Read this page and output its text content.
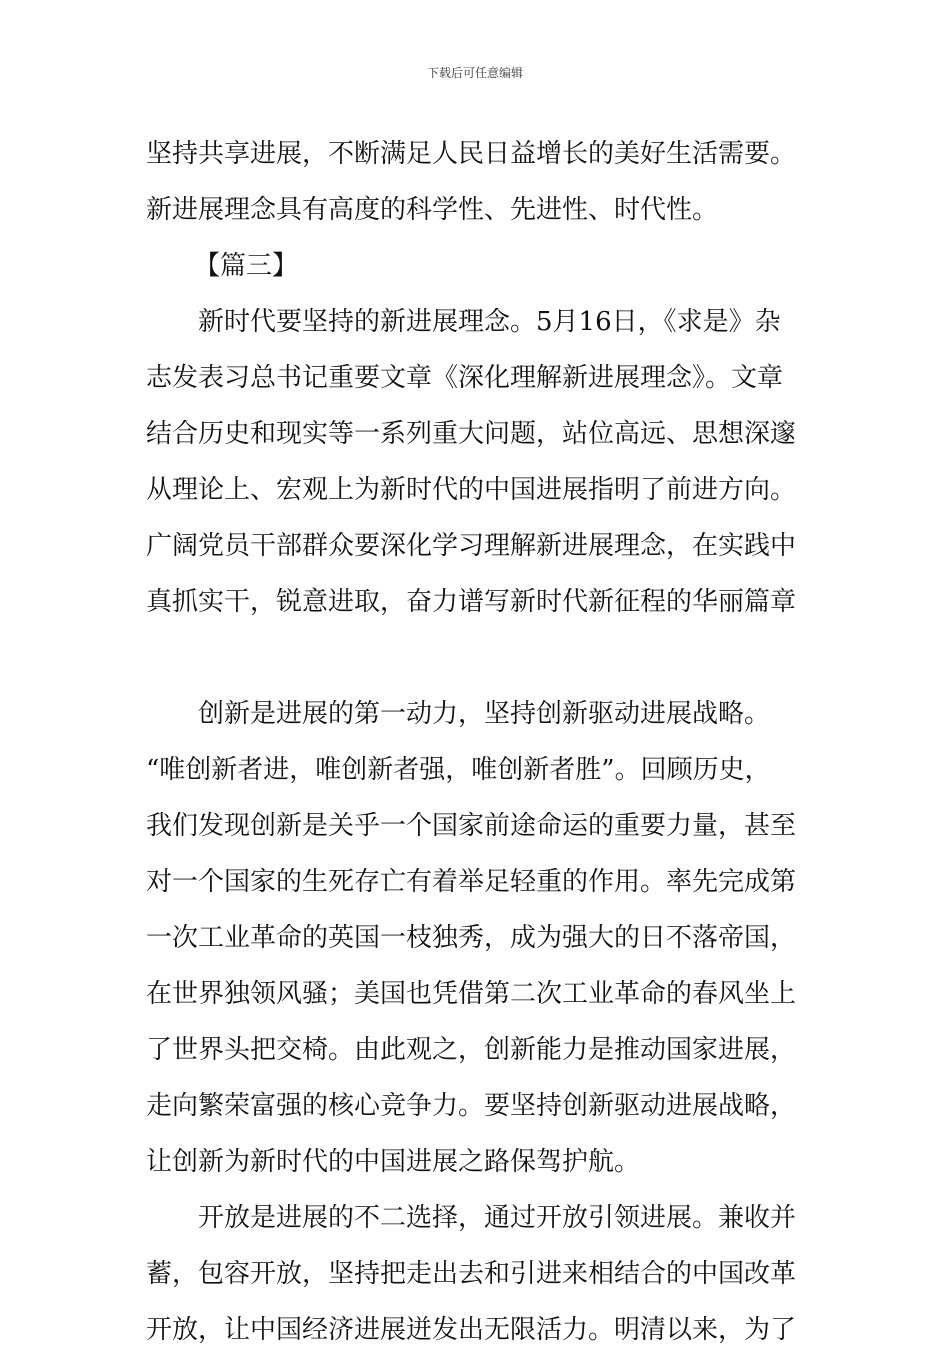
下载后可任意编辑
坚持共享进展，不断满足人民日益增长的美好生活需要。
新进展理念具有高度的科学性、先进性、时代性。
【篇三】
新时代要坚持的新进展理念。5月16日，《求是》杂
志发表习总书记重要文章《深化理解新进展理念》。文章
结合历史和现实等一系列重大问题，站位高远、思想深邃
从理论上、宏观上为新时代的中国进展指明了前进方向。
广阔党员干部群众要深化学习理解新进展理念，在实践中
真抓实干，锐意进取，奋力谱写新时代新征程的华丽篇章
创新是进展的第一动力，坚持创新驱动进展战略。
“唯创新者进，唯创新者强，唯创新者胜”。回顾历史，
我们发现创新是关乎一个国家前途命运的重要力量，甚至
对一个国家的生死存亡有着举足轻重的作用。率先完成第
一次工业革命的英国一枝独秀，成为强大的日不落帝国，
在世界独领风骚；美国也凭借第二次工业革命的春风坐上
了世界头把交椅。由此观之，创新能力是推动国家进展，
走向繁荣富强的核心竞争力。要坚持创新驱动进展战略，
让创新为新时代的中国进展之路保驾护航。
开放是进展的不二选择，通过开放引领进展。兼收并
蓄，包容开放，坚持把走出去和引进来相结合的中国改革
开放，让中国经济进展迸发出无限活力。明清以来，为了
